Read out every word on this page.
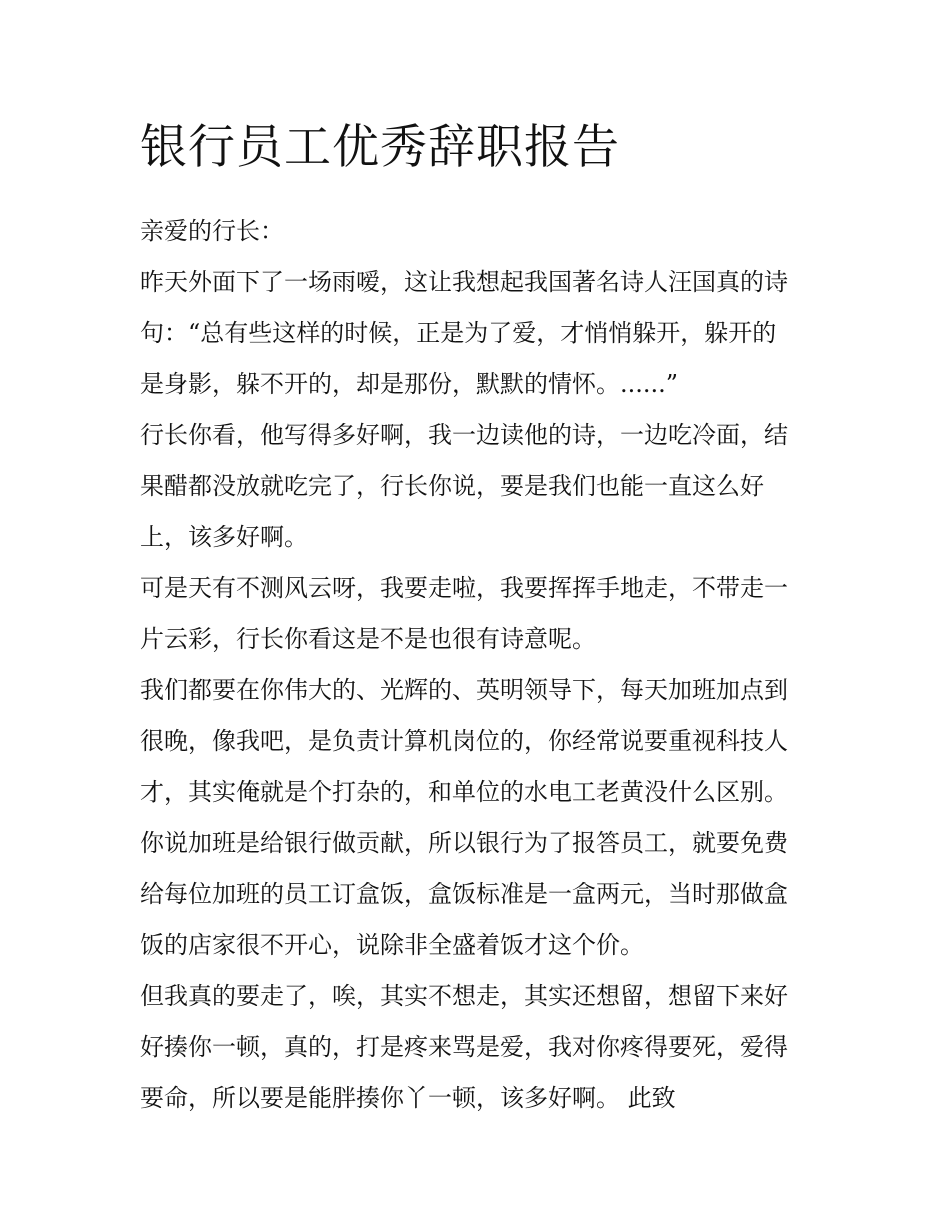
银行员工优秀辞职报告
亲爱的行长：
昨天外面下了一场雨嗳，这让我想起我国著名诗人汪国真的诗
句：“总有些这样的时候，正是为了爱，才悄悄躲开，躲开的
是身影，躲不开的，却是那份，默默的情怀。......”
行长你看，他写得多好啊，我一边读他的诗，一边吃冷面，结
果醋都没放就吃完了，行长你说，要是我们也能一直这么好
上，该多好啊。
可是天有不测风云呀，我要走啦，我要挥挥手地走，不带走一
片云彩，行长你看这是不是也很有诗意呢。
我们都要在你伟大的、光辉的、英明领导下，每天加班加点到
很晚，像我吧，是负责计算机岗位的，你经常说要重视科技人
才，其实俺就是个打杂的，和单位的水电工老黄没什么区别。
你说加班是给银行做贡献，所以银行为了报答员工，就要免费
给每位加班的员工订盒饭，盒饭标准是一盒两元，当时那做盒
饭的店家很不开心，说除非全盛着饭才这个价。
但我真的要走了，唉，其实不想走，其实还想留，想留下来好
好揍你一顿，真的，打是疼来骂是爱，我对你疼得要死，爱得
要命，所以要是能胖揍你丫一顿，该多好啊。 此致
